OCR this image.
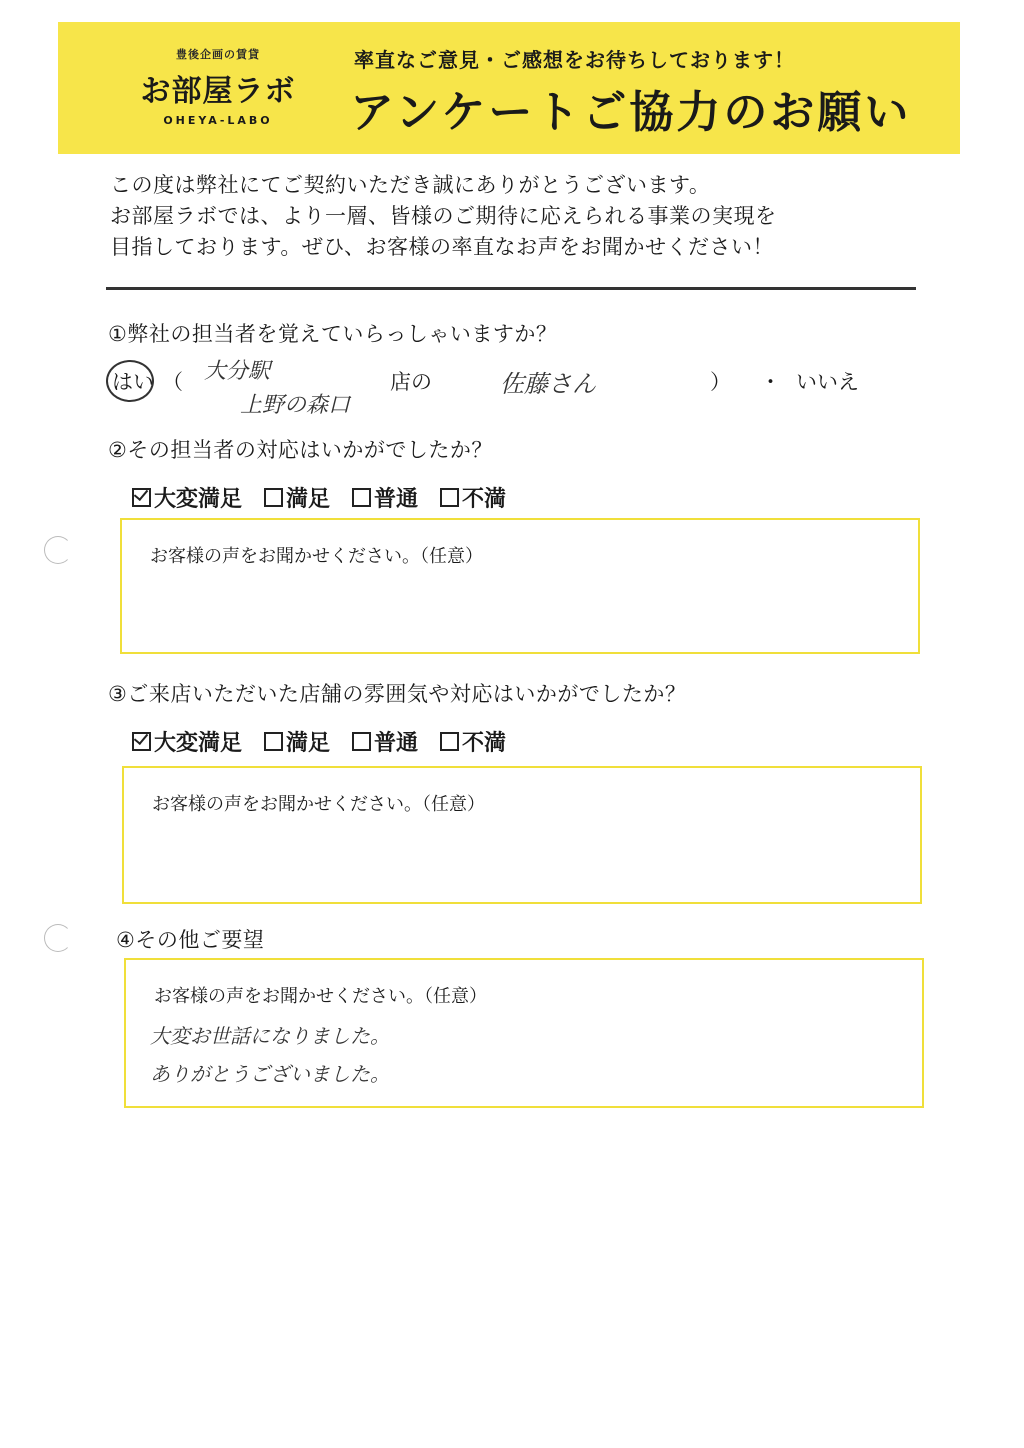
豊後企画の賃貸
お部屋ラボ
OHEYA-LABO
率直なご意見・ご感想をお待ちしております！
アンケートご協力のお願い
この度は弊社にてご契約いただき誠にありがとうございます。
お部屋ラボでは、より一層、皆様のご期待に応えられる事業の実現を
目指しております。ぜひ、お客様の率直なお声をお聞かせください！
①弊社の担当者を覚えていらっしゃいますか？
はい （ 大分駅
上野の森口
店の	佐藤さん	） ・ いいえ
②その担当者の対応はいかがでしたか？
大変満足 満足 普通 不満
お客様の声をお聞かせください。（任意）
③ご来店いただいた店舗の雰囲気や対応はいかがでしたか？
大変満足 満足 普通 不満
お客様の声をお聞かせください。（任意）
④その他ご要望
お客様の声をお聞かせください。（任意）
大変お世話になりました。
ありがとうございました。
